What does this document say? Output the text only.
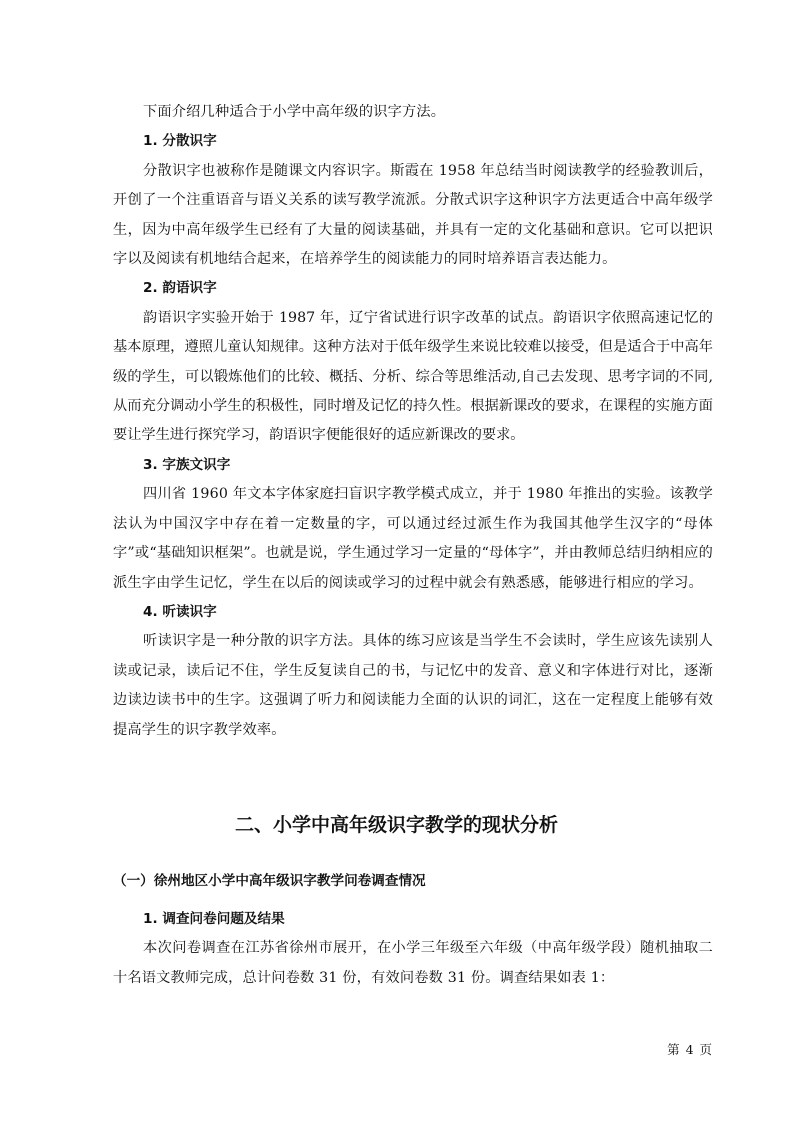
下面介绍几种适合于小学中高年级的识字方法。

1. 分散识字

分散识字也被称作是随课文内容识字。斯霞在 1958 年总结当时阅读教学的经验教训后，开创了一个注重语音与语义关系的读写教学流派。分散式识字这种识字方法更适合中高年级学生，因为中高年级学生已经有了大量的阅读基础，并具有一定的文化基础和意识。它可以把识字以及阅读有机地结合起来，在培养学生的阅读能力的同时培养语言表达能力。

2. 韵语识字

韵语识字实验开始于 1987 年，辽宁省试进行识字改革的试点。韵语识字依照高速记忆的基本原理，遵照儿童认知规律。这种方法对于低年级学生来说比较难以接受，但是适合于中高年级的学生，可以锻炼他们的比较、概括、分析、综合等思维活动,自己去发现、思考字词的不同,从而充分调动小学生的积极性，同时增及记忆的持久性。根据新课改的要求，在课程的实施方面要让学生进行探究学习，韵语识字便能很好的适应新课改的要求。

3. 字族文识字

四川省 1960 年文本字体家庭扫盲识字教学模式成立，并于 1980 年推出的实验。该教学法认为中国汉字中存在着一定数量的字，可以通过经过派生作为我国其他学生汉字的“母体字”或“基础知识框架”。也就是说，学生通过学习一定量的“母体字”，并由教师总结归纳相应的派生字由学生记忆，学生在以后的阅读或学习的过程中就会有熟悉感，能够进行相应的学习。

4. 听读识字

听读识字是一种分散的识字方法。具体的练习应该是当学生不会读时，学生应该先读别人读或记录，读后记不住，学生反复读自己的书，与记忆中的发音、意义和字体进行对比，逐渐边读边读书中的生字。这强调了听力和阅读能力全面的认识的词汇，这在一定程度上能够有效提高学生的识字教学效率。

二、小学中高年级识字教学的现状分析
（一）徐州地区小学中高年级识字教学问卷调查情况
1. 调查问卷问题及结果

本次问卷调查在江苏省徐州市展开，在小学三年级至六年级（中高年级学段）随机抽取二十名语文教师完成，总计问卷数 31 份，有效问卷数 31 份。调查结果如表 1：

第 4 页
